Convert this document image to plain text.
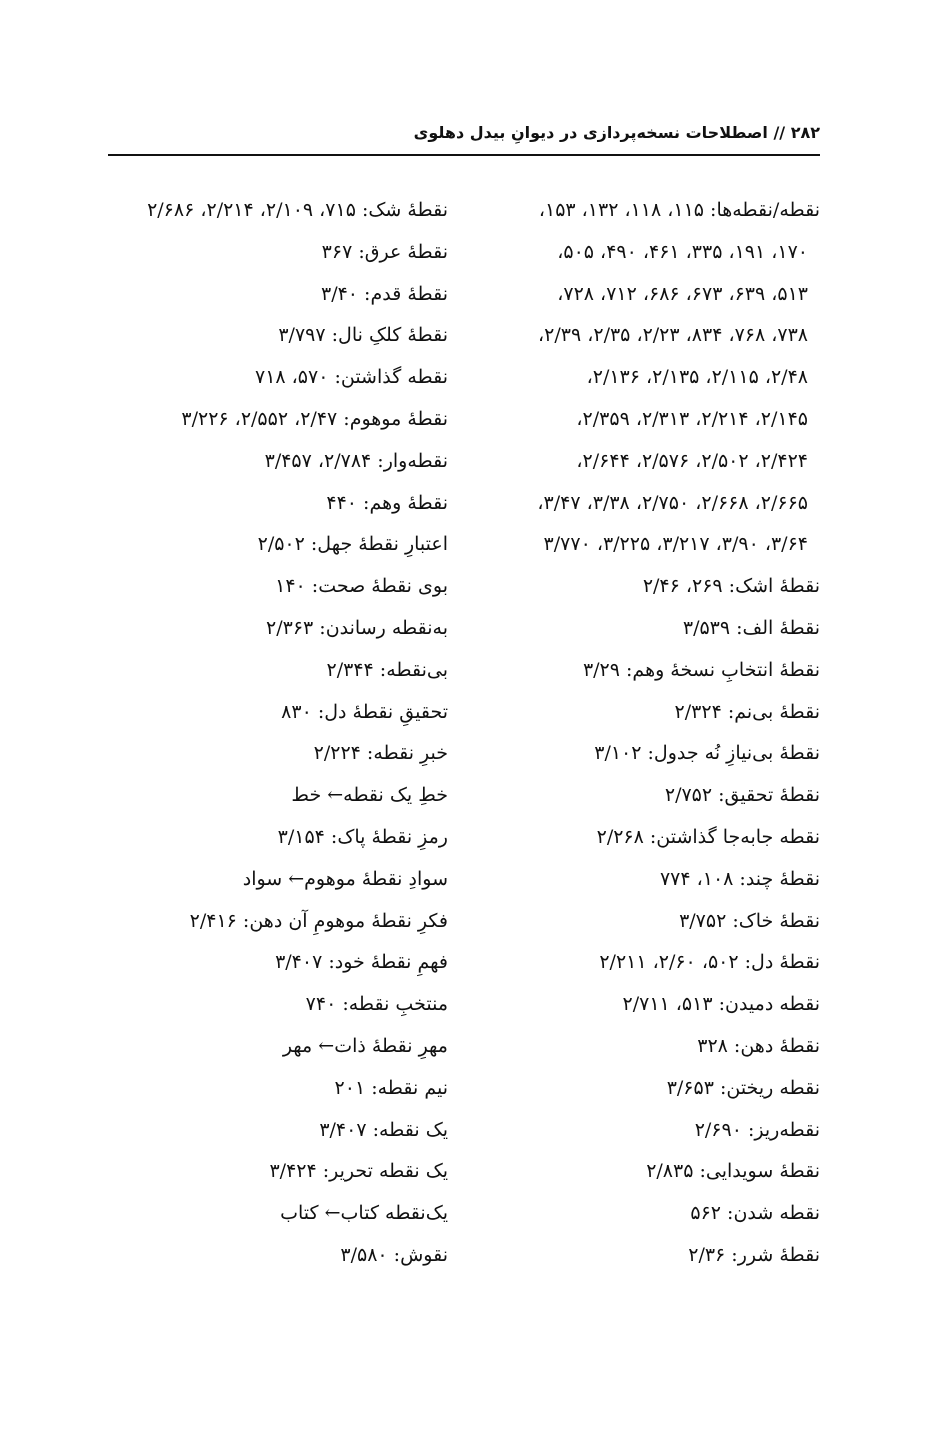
۲۸۲ // اصطلاحات نسخه‌پردازی در دیوانِ بیدل دهلوی
نقطه/نقطه‌ها: ۱۱۵، ۱۱۸، ۱۳۲، ۱۵۳،
۱۷۰، ۱۹۱، ۳۳۵، ۴۶۱، ۴۹۰، ۵۰۵،
۵۱۳، ۶۳۹، ۶۷۳، ۶۸۶، ۷۱۲، ۷۲۸،
۷۳۸، ۷۶۸، ۸۳۴، ۲/۲۳، ۲/۳۵، ۲/۳۹،
۲/۴۸، ۲/۱۱۵، ۲/۱۳۵، ۲/۱۳۶،
۲/۱۴۵، ۲/۲۱۴، ۲/۳۱۳، ۲/۳۵۹،
۲/۴۲۴، ۲/۵۰۲، ۲/۵۷۶، ۲/۶۴۴،
۲/۶۶۵، ۲/۶۶۸، ۲/۷۵۰، ۳/۳۸، ۳/۴۷،
۳/۶۴، ۳/۹۰، ۳/۲۱۷، ۳/۲۲۵، ۳/۷۷۰
نقطهٔ اشک: ۲۶۹، ۲/۴۶
نقطهٔ الف: ۳/۵۳۹
نقطهٔ انتخابِ نسخهٔ وهم: ۳/۲۹
نقطهٔ بی‌نم: ۲/۳۲۴
نقطهٔ بی‌نیازِ نُه جدول: ۳/۱۰۲
نقطهٔ تحقیق: ۲/۷۵۲
نقطه جابه‌جا گذاشتن: ۲/۲۶۸
نقطهٔ چند: ۱۰۸، ۷۷۴
نقطهٔ خاک: ۳/۷۵۲
نقطهٔ دل: ۵۰۲، ۲/۶۰، ۲/۲۱۱
نقطه دمیدن: ۵۱۳، ۲/۷۱۱
نقطهٔ دهن: ۳۲۸
نقطه ریختن: ۳/۶۵۳
نقطه‌ریز: ۲/۶۹۰
نقطهٔ سویدایی: ۲/۸۳۵
نقطه شدن: ۵۶۲
نقطهٔ شرر: ۲/۳۶
نقطهٔ شک: ۷۱۵، ۲/۱۰۹، ۲/۲۱۴، ۲/۶۸۶
نقطهٔ عرق: ۳۶۷
نقطهٔ قدم: ۳/۴۰
نقطهٔ کلکِ نال: ۳/۷۹۷
نقطه گذاشتن: ۵۷۰، ۷۱۸
نقطهٔ موهوم: ۲/۴۷، ۲/۵۵۲، ۳/۲۲۶
نقطه‌وار: ۲/۷۸۴، ۳/۴۵۷
نقطهٔ وهم: ۴۴۰
اعتبارِ نقطهٔ جهل: ۲/۵۰۲
بوی نقطهٔ صحت: ۱۴۰
به‌نقطه رساندن: ۲/۳۶۳
بی‌نقطه: ۲/۳۴۴
تحقیقِ نقطهٔ دل: ۸۳۰
خبرِ نقطه: ۲/۲۲۴
خطِ یک نقطه← خط
رمزِ نقطهٔ پاک: ۳/۱۵۴
سوادِ نقطهٔ موهوم← سواد
فکرِ نقطهٔ موهومِ آن دهن: ۲/۴۱۶
فهمِ نقطهٔ خود: ۳/۴۰۷
منتخبِ نقطه: ۷۴۰
مهرِ نقطهٔ ذات← مهر
نیم نقطه: ۲۰۱
یک نقطه: ۳/۴۰۷
یک نقطه تحریر: ۳/۴۲۴
یک‌نقطه کتاب← کتاب
نقوش: ۳/۵۸۰
